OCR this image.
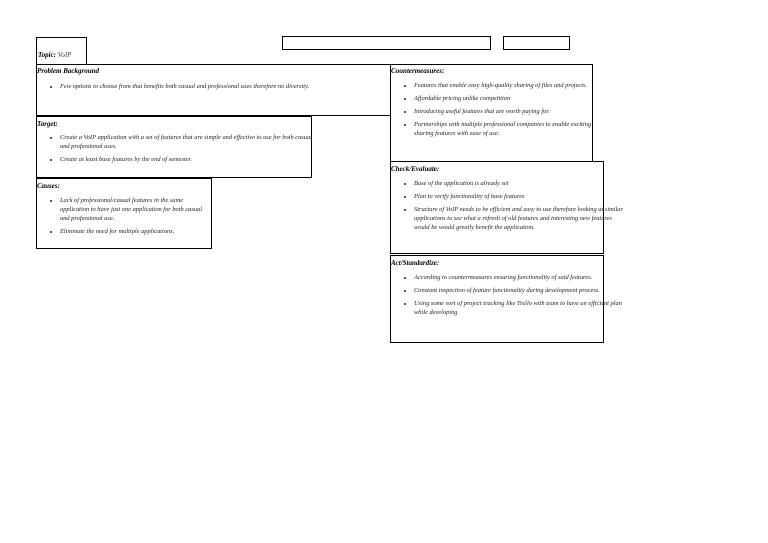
Topic: VoIP
Problem Background
• Few options to choose from that benefits both casual and professional uses therefore no diversity.
Target:
• Create a VoIP application with a set of features that are simple and effective to use for both casual and professional uses.
• Create at least base features by the end of semester.
Causes:
• Lack of professional/casual features in the same application to have just one application for both casual and professional use.
• Eliminate the need for multiple applications.
Countermeasures:
• Features that enable easy high-quality sharing of files and projects.
• Affordable pricing unlike competition
• Introducing useful features that are worth paying for.
• Partnerships with multiple professional companies to enable exciting sharing features with ease of use.
Check/Evaluate:
• Base of the application is already set
• Plan to verify functionality of base features
• Structure of VoIP needs to be efficient and easy to use therefore looking at similar applications to see what a refresh of old features and interesting new features would be would greatly benefit the application.
Act/Standardize:
• According to countermeasures ensuring functionality of said features.
• Constant inspection of feature functionality during development process.
• Using some sort of project tracking like Trello with team to have an efficient plan while developing
